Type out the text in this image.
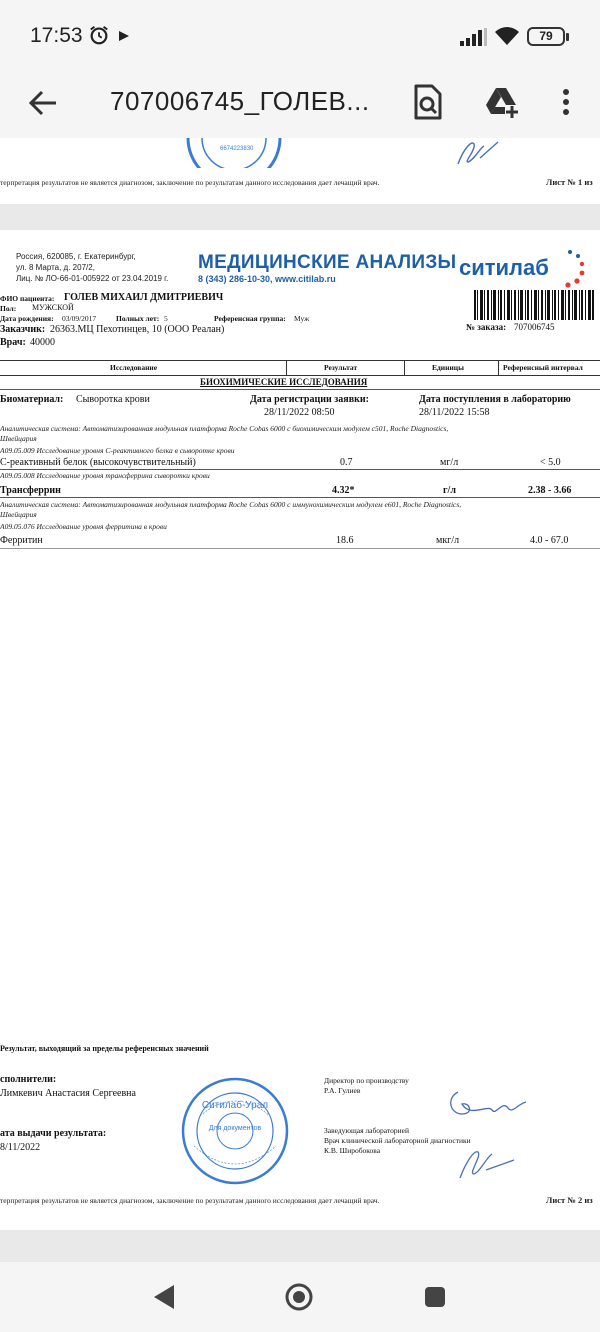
17:53	79
707006745_ГОЛЕВ...
6674223830
терпретация результатов не является диагнозом, заключение по результатам данного исследования дает лечащий врач.	Лист № 1 из
Россия, 620085, г. Екатеринбург,
ул. 8 Марта, д. 207/2,
Лиц. № ЛО-66-01-005922 от 23.04.2019 г.
МЕДИЦИНСКИЕ АНАЛИЗЫ
8 (343) 286-10-30, www.citilab.ru	ситилаб
ФИО пациента: ГОЛЕВ МИХАИЛ ДМИТРИЕВИЧ
Пол: МУЖСКОЙ
Дата рождения: 03/09/2017	Полных лет: 5	Референсная группа: Муж
Заказчик: 26363.МЦ Пехотинцев, 10 (ООО Реалан)
Врач: 40000
№ заказа: 707006745
Исследование	Результат	Единицы	Референсный интервал
БИОХИМИЧЕСКИЕ ИССЛЕДОВАНИЯ
Биоматериал: Сыворотка крови	Дата регистрации заявки:
28/11/2022 08:50
Дата поступления в лабораторию
28/11/2022 15:58
Аналитическая система: Автоматизированная модульная платформа Roche Cobas 6000 с биохимическим модулем c501, Roche Diagnostics,
Швейцария
A09.05.009 Исследование уровня С-реактивного белка в сыворотке крови
С-реактивный белок (высокочувствительный)	0.7	мг/л	< 5.0
A09.05.008 Исследование уровня трансферрина сыворотки крови
Трансферрин	4.32*	г/л	2.38 - 3.66
Аналитическая система: Автоматизированная модульная платформа Roche Cobas 6000 с иммунохимическим модулем e601, Roche Diagnostics,
Швейцария
A09.05.076 Исследование уровня ферритина в крови
Ферритин	18.6	мкг/л	4.0 - 67.0
Результат, выходящий за пределы референсных значений
сполнители:
Лимкевич Анастасия Сергеевна
ата выдачи результата:
8/11/2022
Ситилаб-Урал
Для документов
Директор по производству
Р.А. Гулиев
Заведующая лабораторией
Врач клинической лабораторной диагностики
К.В. Широбокова
терпретация результатов не является диагнозом, заключение по результатам данного исследования дает лечащий врач.	Лист № 2 из
